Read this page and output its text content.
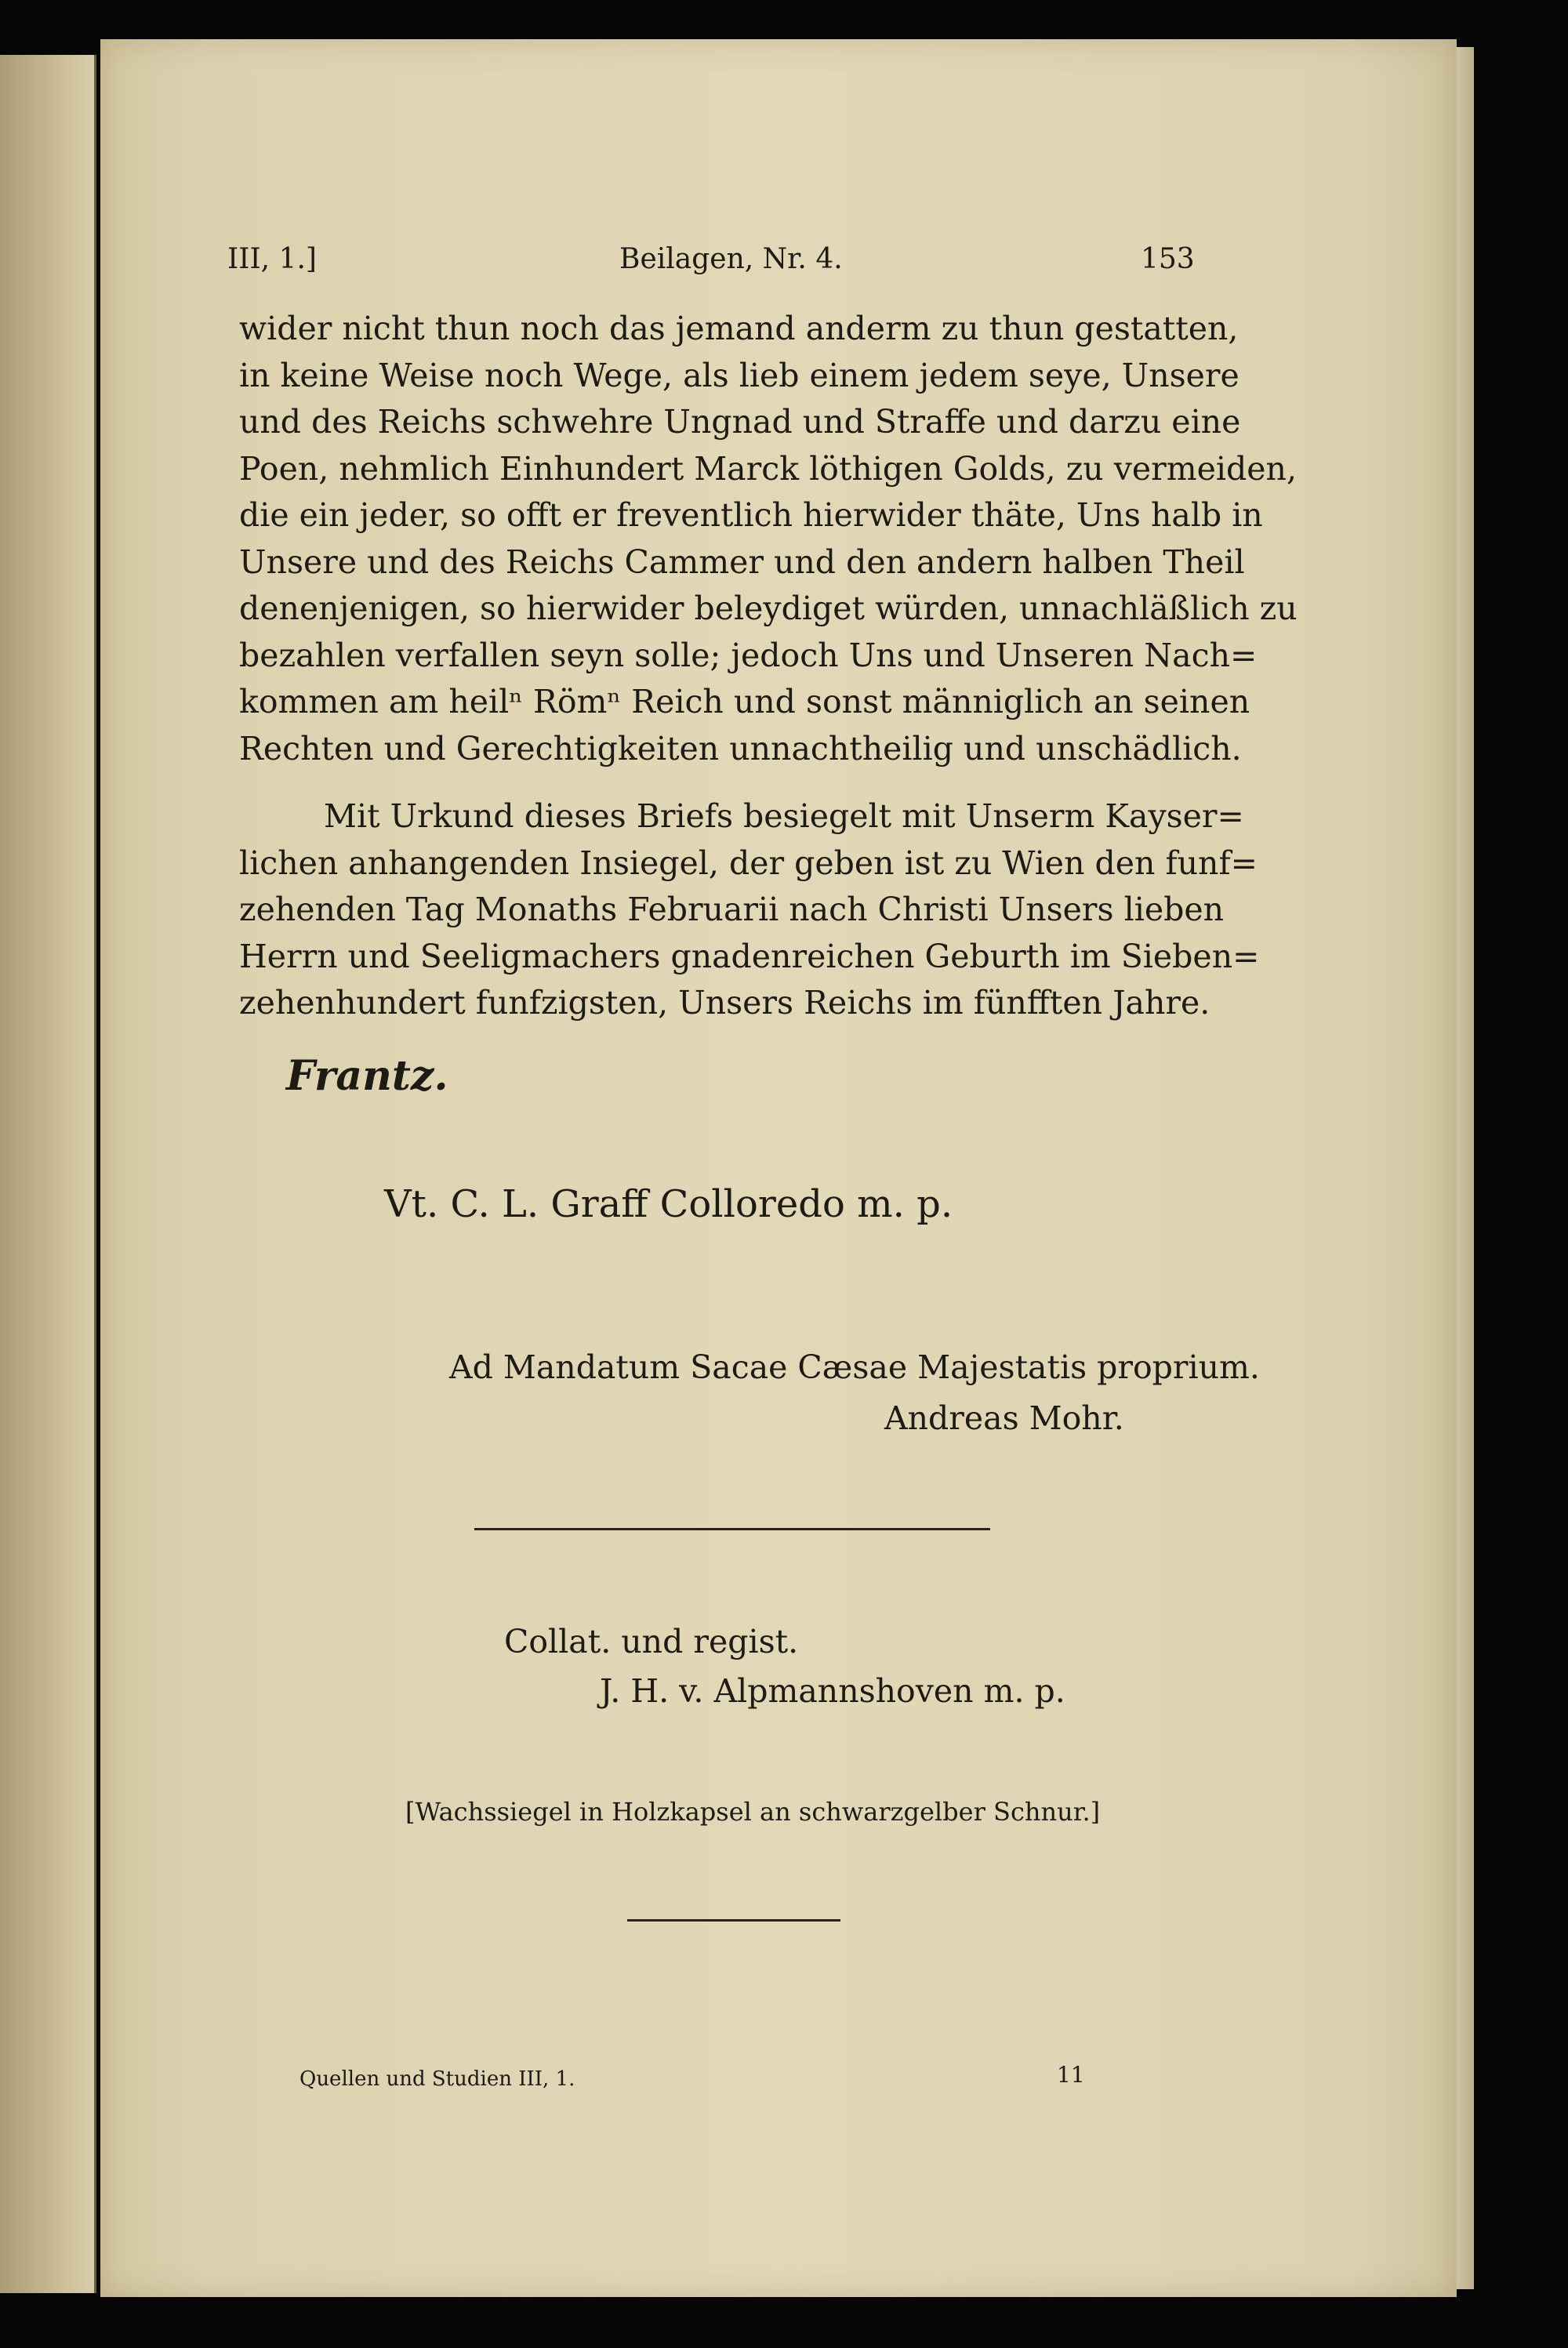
III, 1.]	Beilagen, Nr. 4.	153
wider nicht thun noch das jemand anderm zu thun gestatten,
in keine Weise noch Wege, als lieb einem jedem seye, Unsere
und des Reichs schwehre Ungnad und Straffe und darzu eine
Poen, nehmlich Einhundert Marck löthigen Golds, zu vermeiden,
die ein jeder, so offt er freventlich hierwider thäte, Uns halb in
Unsere und des Reichs Cammer und den andern halben Theil
denenjenigen, so hierwider beleydiget würden, unnachläßlich zu
bezahlen verfallen seyn solle; jedoch Uns und Unseren Nach=
kommen am heilⁿ Römⁿ Reich und sonst männiglich an seinen
Rechten und Gerechtigkeiten unnachtheilig und unschädlich.
Mit Urkund dieses Briefs besiegelt mit Unserm Kayser=
lichen anhangenden Insiegel, der geben ist zu Wien den funf=
zehenden Tag Monaths Februarii nach Christi Unsers lieben
Herrn und Seeligmachers gnadenreichen Geburth im Sieben=
zehenhundert funfzigsten, Unsers Reichs im fünfften Jahre.
Frantz.
Vt. C. L. Graff Colloredo m. p.
Ad Mandatum Sacae Cæsae Majestatis proprium.
Andreas Mohr.
Collat. und regist.
J. H. v. Alpmannshoven m. p.
[Wachssiegel in Holzkapsel an schwarzgelber Schnur.]
Quellen und Studien III, 1.	11
